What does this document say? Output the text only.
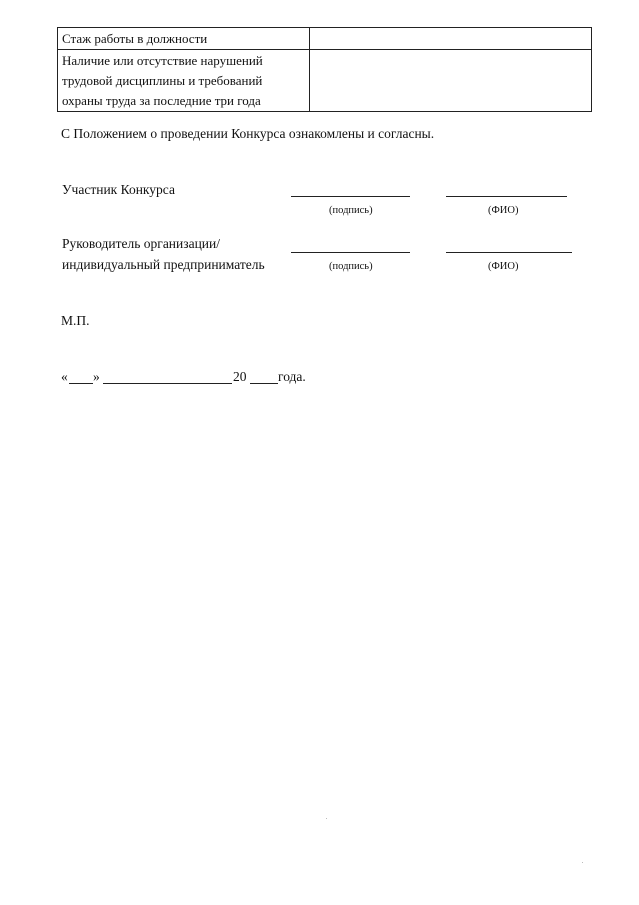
Стаж работы в должности	

Наличие или отсутствие нарушений
трудовой дисциплины и требований
охраны труда за последние три года	

С Положением о проведении Конкурса ознакомлены и согласны.
Участник Конкурса
(подпись)	(ФИО)
Руководитель организации/
индивидуальный предприниматель	(подпись)	(ФИО)
М.П.
« »	20 года.
